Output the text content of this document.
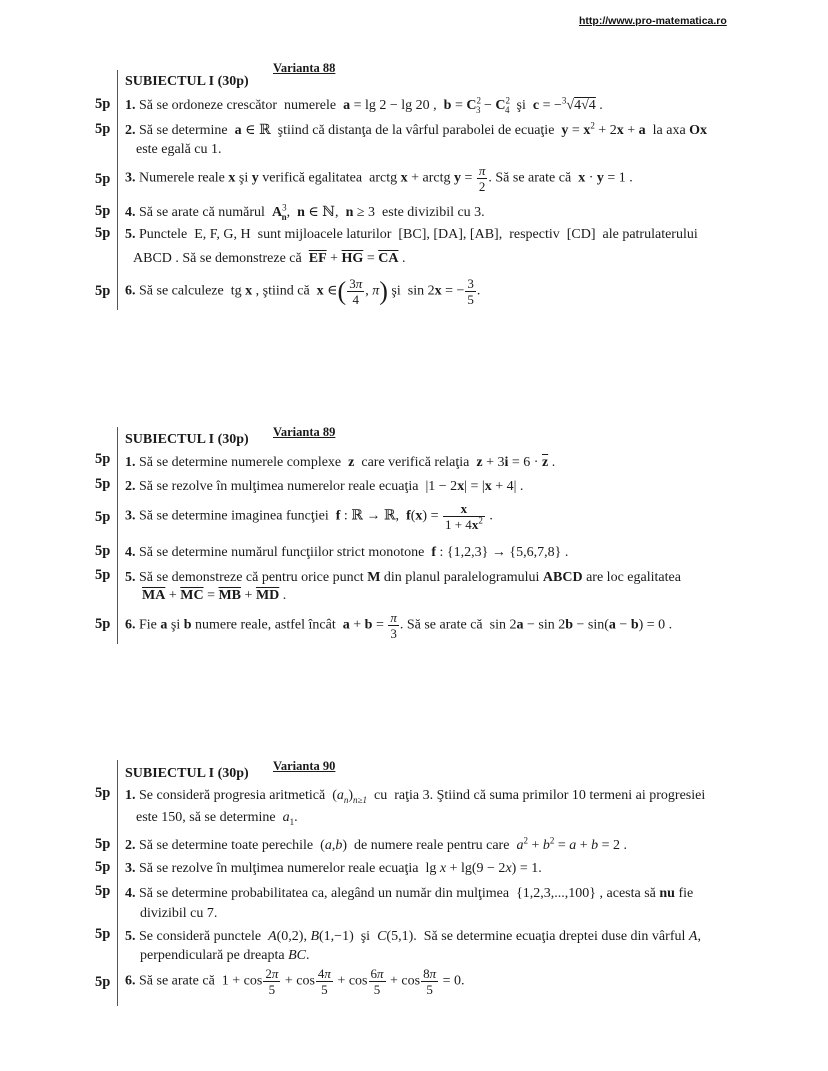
http://www.pro-matematica.ro
Varianta 88
SUBIECTUL I (30p)
5p 1. Să se ordoneze crescător  numerele  a = lg 2 − lg 20 ,  $b = C^2_3 - C^2_4$  şi  c = −$^3$√4√4 .
5p 2. Să se determine  a ∈ ℝ  ştiind că distanţa de la vârful parabolei de ecuaţie  $y = x^2 + 2x + a$  la axa Ox
este egală cu 1.
5p 3. Numerele reale x şi y verifică egalitatea  arctg x + arctg $y = \frac{\pi}{2}$ . Să se arate că  x · y = 1 .
5p 4. Să se arate că numărul  $A^3_n$,  n ∈ ℕ,  n ≥ 3  este divizibil cu 3.
5p 5. Punctele  E, F, G, H  sunt mijloacele laturilor  [BC], [DA], [AB],  respectiv  [CD]  ale patrulaterului
ABCD . Să se demonstreze că  $\overline{EF} + \overline{HG} = \overline{CA}$ .
5p 6. Să se calculeze  tg x , ştiind că  x ∈( $\frac{3\pi}{4}$ , π) şi  sin 2x = − $\frac{3}{5}$ .
Varianta 89
SUBIECTUL I (30p)
5p 1. Să se determine numerele complexe  z  care verifică relaţia  $z + 3i = 6 \cdot \overline{z}$ .
5p 2. Să se rezolve în mulţimea numerelor reale ecuaţia  |1 − 2x| = |x + 4| .
5p 3. Să se determine imaginea funcţiei  f : ℝ → ℝ,  $f(x) = \frac{x}{1 + 4x^2}$ .
5p 4. Să se determine numărul funcţiilor strict monotone  f : {1,2,3} → {5,6,7,8} .
5p 5. Să se demonstreze că pentru orice punct M din planul paralelogramului ABCD are loc egalitatea
$\overline{MA} + \overline{MC} = \overline{MB} + \overline{MD}$ .
5p 6. Fie a şi b numere reale, astfel încât  $a + b = \frac{\pi}{3}$ . Să se arate că  sin 2a − sin 2b − sin(a − b) = 0 .
Varianta 90
SUBIECTUL I (30p)
5p 1. Se consideră progresia aritmetică  $(a_n)_{n\ge 1}$  cu  raţia 3. Ştiind că suma primilor 10 termeni ai progresiei
este 150, să se determine  $a_1$.
5p 2. Să se determine toate perechile  (a,b)  de numere reale pentru care  $a^2 + b^2 = a + b = 2$ .
5p 3. Să se rezolve în mulţimea numerelor reale ecuaţia  lg x + lg(9 − 2x) = 1.
5p 4. Să se determine probabilitatea ca, alegând un număr din mulţimea  {1,2,3,...,100} , acesta să nu fie
divizibil cu 7.
5p 5. Se consideră punctele  A(0,2), B(1,−1)  şi  C(5,1).  Să se determine ecuaţia dreptei duse din vârful A,
perpendiculară pe dreapta BC.
5p 6. Să se arate că  $1 + \cos \frac{2\pi}{5} + \cos \frac{4\pi}{5} + \cos \frac{6\pi}{5} + \cos \frac{8\pi}{5} = 0$.
